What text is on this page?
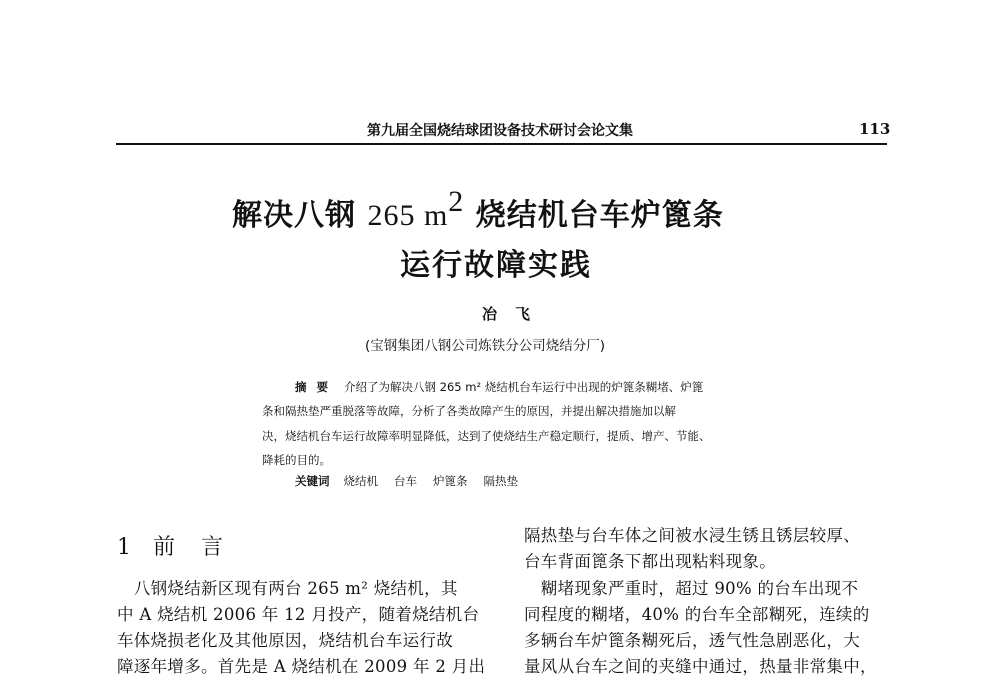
第九届全国烧结球团设备技术研讨会论文集	113
解决八钢 265 $m^2$ 烧结机台车炉篦条
运行故障实践
冶飞
(宝钢集团八钢公司炼铁分公司烧结分厂)
摘要 介绍了为解决八钢 265 m² 烧结机台车运行中出现的炉篦条糊堵、炉篦
条和隔热垫严重脱落等故障，分析了各类故障产生的原因，并提出解决措施加以解
决，烧结机台车运行故障率明显降低，达到了使烧结生产稳定顺行，提质、增产、节能、
降耗的目的。
关键词 烧结机 台车 炉篦条 隔热垫
1 前言
　八钢烧结新区现有两台 265 m² 烧结机，其
中 A 烧结机 2006 年 12 月投产，随着烧结机台
车体烧损老化及其他原因，烧结机台车运行故
障逐年增多。首先是 A 烧结机在 2009 年 2 月出
隔热垫与台车体之间被水浸生锈且锈层较厚、
台车背面篦条下都出现粘料现象。
　糊堵现象严重时，超过 90% 的台车出现不
同程度的糊堵，40% 的台车全部糊死，连续的
多辆台车炉篦条糊死后，透气性急剧恶化，大
量风从台车之间的夹缝中通过，热量非常集中，
